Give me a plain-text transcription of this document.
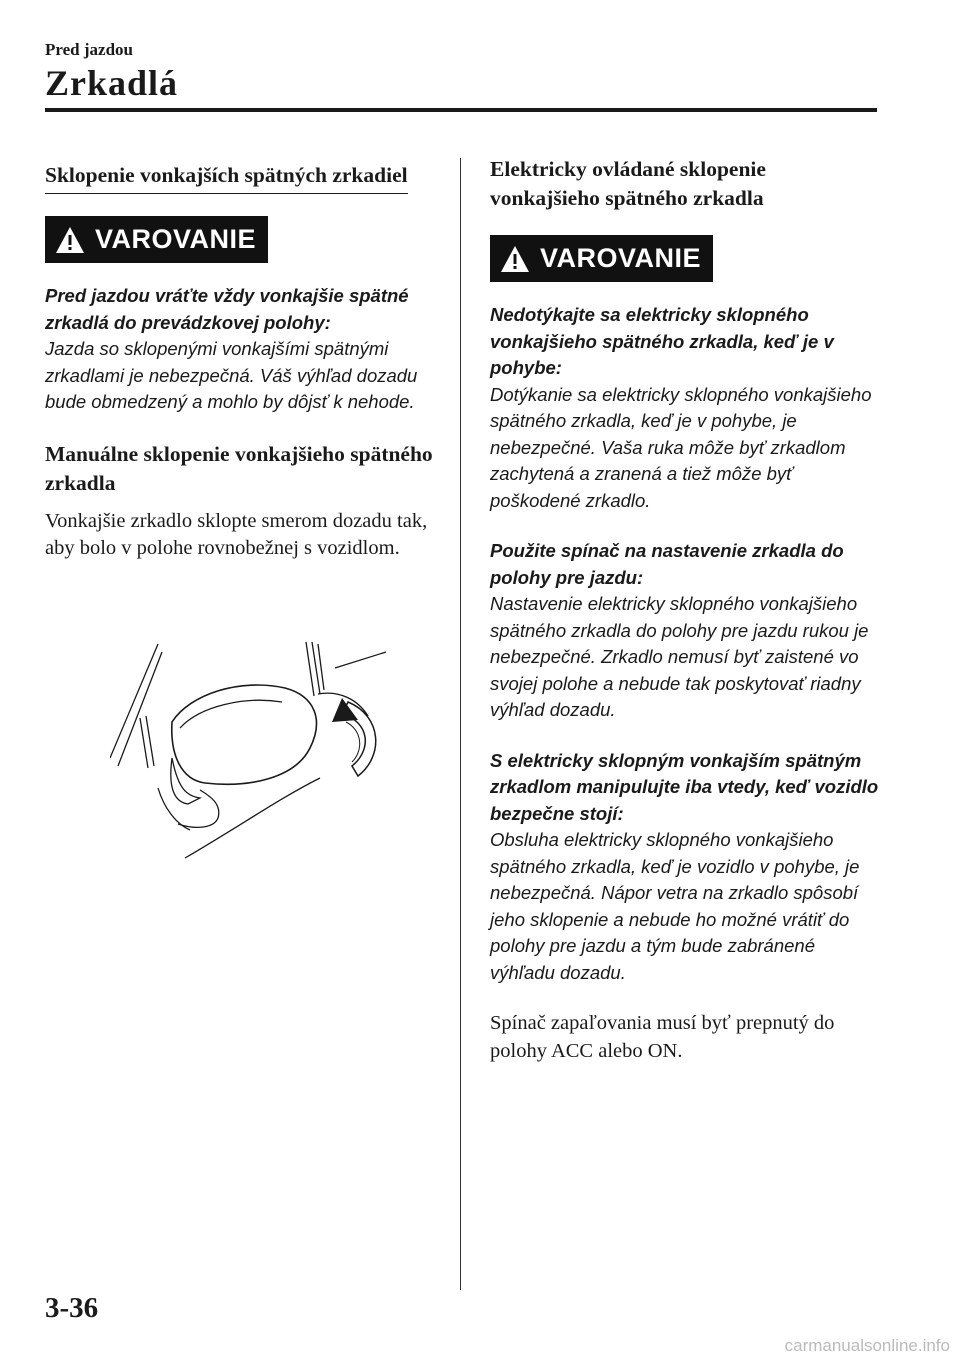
Pred jazdou
Zrkadlá
Sklopenie vonkajších spätných zrkadiel
VAROVANIE
Pred jazdou vráťte vždy vonkajšie spätné zrkadlá do prevádzkovej polohy:
Jazda so sklopenými vonkajšími spätnými zrkadlami je nebezpečná. Váš výhľad dozadu bude obmedzený a mohlo by dôjsť k nehode.
Manuálne sklopenie vonkajšieho spätného zrkadla
Vonkajšie zrkadlo sklopte smerom dozadu tak, aby bolo v polohe rovnobežnej s vozidlom.
Elektricky ovládané sklopenie vonkajšieho spätného zrkadla
VAROVANIE
Nedotýkajte sa elektricky sklopného vonkajšieho spätného zrkadla, keď je v pohybe:
Dotýkanie sa elektricky sklopného vonkajšieho spätného zrkadla, keď je v pohybe, je nebezpečné. Vaša ruka môže byť zrkadlom zachytená a zranená a tiež môže byť poškodené zrkadlo.
Použite spínač na nastavenie zrkadla do polohy pre jazdu:
Nastavenie elektricky sklopného vonkajšieho spätného zrkadla do polohy pre jazdu rukou je nebezpečné. Zrkadlo nemusí byť zaistené vo svojej polohe a nebude tak poskytovať riadny výhľad dozadu.
S elektricky sklopným vonkajším spätným zrkadlom manipulujte iba vtedy, keď vozidlo bezpečne stojí:
Obsluha elektricky sklopného vonkajšieho spätného zrkadla, keď je vozidlo v pohybe, je nebezpečná. Nápor vetra na zrkadlo spôsobí jeho sklopenie a nebude ho možné vrátiť do polohy pre jazdu a tým bude zabránené výhľadu dozadu.
Spínač zapaľovania musí byť prepnutý do polohy ACC alebo ON.
3-36
carmanualsonline.info
